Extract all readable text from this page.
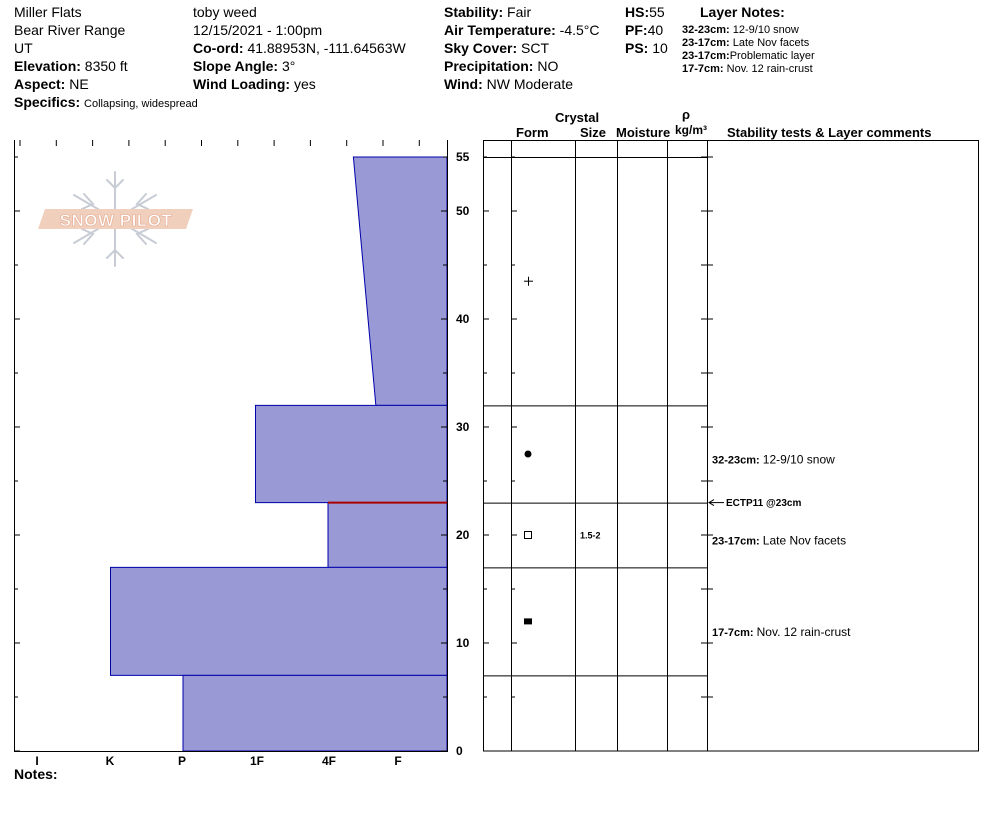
Miller Flats
Bear River Range
UT
Elevation: 8350 ft
Aspect: NE
Specifics: Collapsing, widespread
toby weed
12/15/2021 - 1:00pm
Co-ord: 41.88953N, -111.64563W
Slope Angle: 3°
Wind Loading: yes
Stability: Fair
Air Temperature: -4.5°C
Sky Cover: SCT
Precipitation: NO
Wind: NW Moderate
HS:55
PF:40
PS: 10
Layer Notes:
32-23cm: 12-9/10 snow
23-17cm: Late Nov facets
23-17cm:Problematic layer
17-7cm: Nov. 12 rain-crust
Crystal
Form Size Moisture
ρ
kg/m³ Stability tests & Layer comments
Notes:
SNOW PILOT
0
10
20
30
40
50
55
I	K	P	1F	4F	F
1.5-2
32-23cm: 12-9/10 snow
ECTP11 @23cm
23-17cm: Late Nov facets
17-7cm: Nov. 12 rain-crust
